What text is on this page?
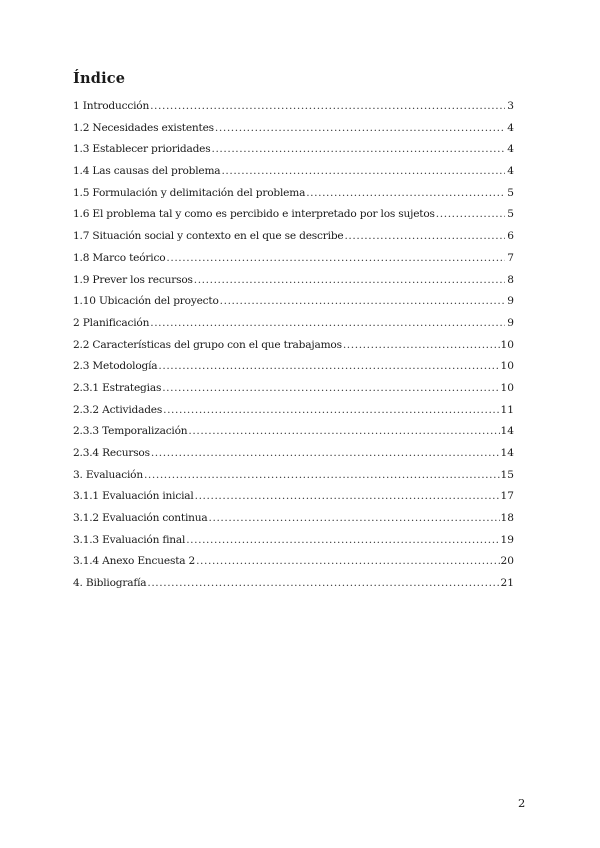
Índice
1 Introducción .....	3
1.2 Necesidades existentes .....	4
1.3 Establecer prioridades .....	4
1.4 Las causas del problema .....	4
1.5 Formulación y delimitación del problema .....	5
1.6 El problema tal y como es percibido e interpretado por los sujetos .....	5
1.7 Situación social y contexto en el que se describe .....	6
1.8 Marco teórico .....	7
1.9 Prever los recursos .....	8
1.10 Ubicación del proyecto .....	9
2 Planificación .....	9
2.2 Características del grupo con el que trabajamos .....	10
2.3 Metodología .....	10
2.3.1 Estrategias .....	10
2.3.2 Actividades .....	11
2.3.3 Temporalización .....	14
2.3.4 Recursos .....	14
3. Evaluación .....	15
3.1.1 Evaluación inicial .....	17
3.1.2 Evaluación continua .....	18
3.1.3 Evaluación final .....	19
3.1.4 Anexo Encuesta 2 .....	20
4. Bibliografía .....	21

2
